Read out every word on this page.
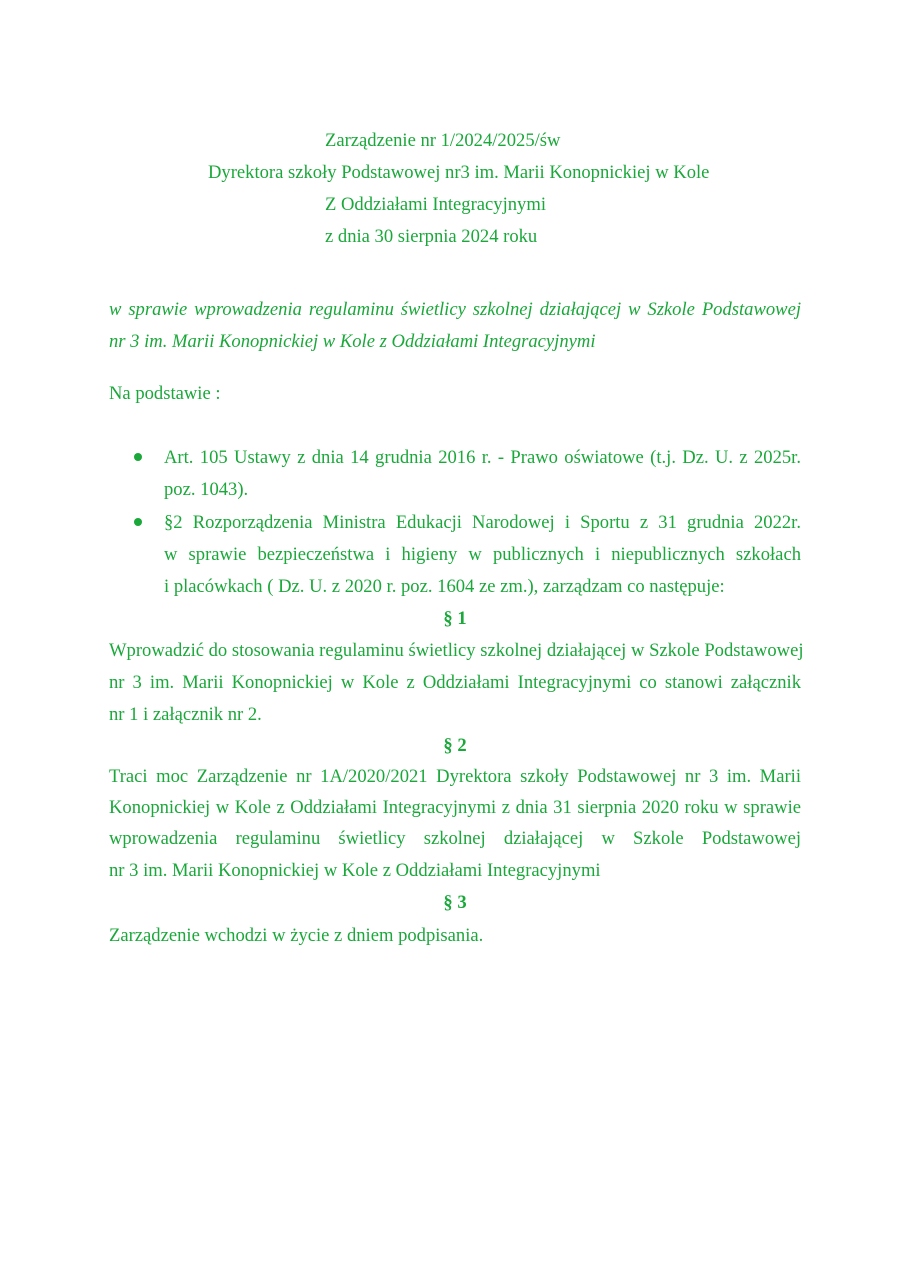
Zarządzenie nr 1/2024/2025/św
Dyrektora szkoły Podstawowej nr3 im. Marii Konopnickiej w Kole
Z Oddziałami Integracyjnymi
z dnia 30 sierpnia 2024 roku
w sprawie wprowadzenia regulaminu świetlicy szkolnej działającej w Szkole Podstawowej
nr 3 im. Marii Konopnickiej w Kole z Oddziałami Integracyjnymi
Na podstawie :
Art. 105 Ustawy z dnia 14 grudnia 2016 r. - Prawo oświatowe (t.j. Dz. U. z 2025r.
poz. 1043).
§2 Rozporządzenia Ministra Edukacji Narodowej i Sportu z 31 grudnia 2022r.
w sprawie bezpieczeństwa i higieny w publicznych i niepublicznych szkołach
i placówkach ( Dz. U. z 2020 r. poz. 1604 ze zm.), zarządzam co następuje:
§ 1
Wprowadzić do stosowania regulaminu świetlicy szkolnej działającej w Szkole Podstawowej
nr 3 im. Marii Konopnickiej w Kole z Oddziałami Integracyjnymi co stanowi załącznik
nr 1 i załącznik nr 2.
§ 2
Traci moc Zarządzenie nr 1A/2020/2021 Dyrektora szkoły Podstawowej nr 3 im. Marii
Konopnickiej w Kole z Oddziałami Integracyjnymi z dnia 31 sierpnia 2020 roku w sprawie
wprowadzenia regulaminu świetlicy szkolnej działającej w Szkole Podstawowej
nr 3 im. Marii Konopnickiej w Kole z Oddziałami Integracyjnymi
§ 3
Zarządzenie wchodzi w życie z dniem podpisania.
